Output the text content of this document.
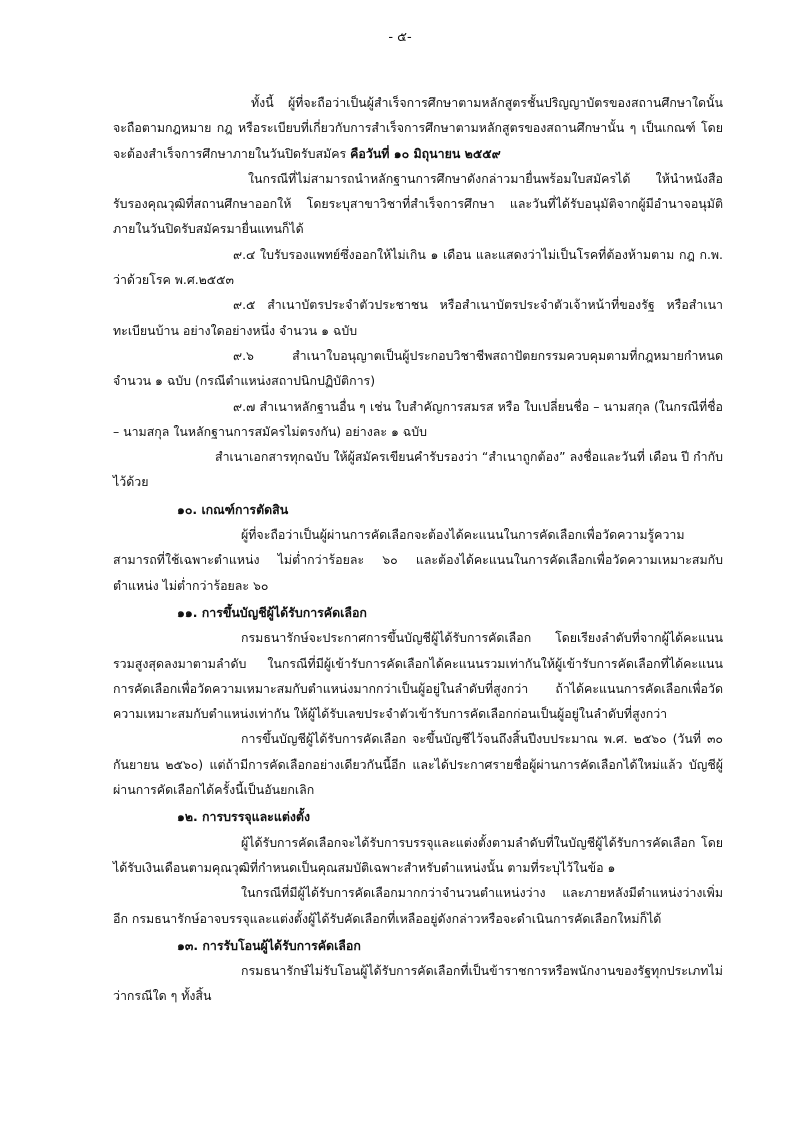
- ๕-

ทั้งนี้ ผู้ที่จะถือว่าเป็นผู้สำเร็จการศึกษาตามหลักสูตรชั้นปริญญาบัตรของสถานศึกษาใดนั้น จะถือตามกฎหมาย กฎ หรือระเบียบที่เกี่ยวกับการสำเร็จการศึกษาตามหลักสูตรของสถานศึกษานั้น ๆ เป็นเกณฑ์ โดยจะต้องสำเร็จการศึกษาภายในวันปิดรับสมัคร คือวันที่ ๑๐ มิถุนายน ๒๕๕๙

ในกรณีที่ไม่สามารถนำหลักฐานการศึกษาดังกล่าวมายื่นพร้อมใบสมัครได้ ให้นำหนังสือรับรองคุณวุฒิที่สถานศึกษาออกให้ โดยระบุสาขาวิชาที่สำเร็จการศึกษา และวันที่ได้รับอนุมัติจากผู้มีอำนาจอนุมัติภายในวันปิดรับสมัครมายื่นแทนก็ได้

๙.๔ ใบรับรองแพทย์ซึ่งออกให้ไม่เกิน ๑ เดือน และแสดงว่าไม่เป็นโรคที่ต้องห้ามตาม กฎ ก.พ. ว่าด้วยโรค พ.ศ.๒๕๕๓

๙.๕ สำเนาบัตรประจำตัวประชาชน หรือสำเนาบัตรประจำตัวเจ้าหน้าที่ของรัฐ หรือสำเนาทะเบียนบ้าน อย่างใดอย่างหนึ่ง จำนวน ๑ ฉบับ

๙.๖ สำเนาใบอนุญาตเป็นผู้ประกอบวิชาชีพสถาปัตยกรรมควบคุมตามที่กฎหมายกำหนด จำนวน ๑ ฉบับ (กรณีตำแหน่งสถาปนิกปฏิบัติการ)

๙.๗ สำเนาหลักฐานอื่น ๆ เช่น ใบสำคัญการสมรส หรือ ใบเปลี่ยนชื่อ – นามสกุล (ในกรณีที่ชื่อ – นามสกุล ในหลักฐานการสมัครไม่ตรงกัน) อย่างละ ๑ ฉบับ

สำเนาเอกสารทุกฉบับ ให้ผู้สมัครเขียนคำรับรองว่า “สำเนาถูกต้อง” ลงชื่อและวันที่ เดือน ปี กำกับไว้ด้วย

๑๐. เกณฑ์การตัดสิน

ผู้ที่จะถือว่าเป็นผู้ผ่านการคัดเลือกจะต้องได้คะแนนในการคัดเลือกเพื่อวัดความรู้ความสามารถที่ใช้เฉพาะตำแหน่ง ไม่ต่ำกว่าร้อยละ ๖๐ และต้องได้คะแนนในการคัดเลือกเพื่อวัดความเหมาะสมกับตำแหน่ง ไม่ต่ำกว่าร้อยละ ๖๐

๑๑. การขึ้นบัญชีผู้ได้รับการคัดเลือก

กรมธนารักษ์จะประกาศการขึ้นบัญชีผู้ได้รับการคัดเลือก โดยเรียงลำดับที่จากผู้ได้คะแนนรวมสูงสุดลงมาตามลำดับ ในกรณีที่มีผู้เข้ารับการคัดเลือกได้คะแนนรวมเท่ากันให้ผู้เข้ารับการคัดเลือกที่ได้คะแนนการคัดเลือกเพื่อวัดความเหมาะสมกับตำแหน่งมากกว่าเป็นผู้อยู่ในลำดับที่สูงกว่า ถ้าได้คะแนนการคัดเลือกเพื่อวัดความเหมาะสมกับตำแหน่งเท่ากัน ให้ผู้ได้รับเลขประจำตัวเข้ารับการคัดเลือกก่อนเป็นผู้อยู่ในลำดับที่สูงกว่า

การขึ้นบัญชีผู้ได้รับการคัดเลือก จะขึ้นบัญชีไว้จนถึงสิ้นปีงบประมาณ พ.ศ. ๒๕๖๐ (วันที่ ๓๐ กันยายน ๒๕๖๐) แต่ถ้ามีการคัดเลือกอย่างเดียวกันนี้อีก และได้ประกาศรายชื่อผู้ผ่านการคัดเลือกได้ใหม่แล้ว บัญชีผู้ผ่านการคัดเลือกได้ครั้งนี้เป็นอันยกเลิก

๑๒. การบรรจุและแต่งตั้ง

ผู้ได้รับการคัดเลือกจะได้รับการบรรจุและแต่งตั้งตามลำดับที่ในบัญชีผู้ได้รับการคัดเลือก โดยได้รับเงินเดือนตามคุณวุฒิที่กำหนดเป็นคุณสมบัติเฉพาะสำหรับตำแหน่งนั้น ตามที่ระบุไว้ในข้อ ๑

ในกรณีที่มีผู้ได้รับการคัดเลือกมากกว่าจำนวนตำแหน่งว่าง และภายหลังมีตำแหน่งว่างเพิ่มอีก กรมธนารักษ์อาจบรรจุและแต่งตั้งผู้ได้รับคัดเลือกที่เหลืออยู่ดังกล่าวหรือจะดำเนินการคัดเลือกใหม่ก็ได้

๑๓. การรับโอนผู้ได้รับการคัดเลือก

กรมธนารักษ์ไม่รับโอนผู้ได้รับการคัดเลือกที่เป็นข้าราชการหรือพนักงานของรัฐทุกประเภทไม่ว่ากรณีใด ๆ ทั้งสิ้น
